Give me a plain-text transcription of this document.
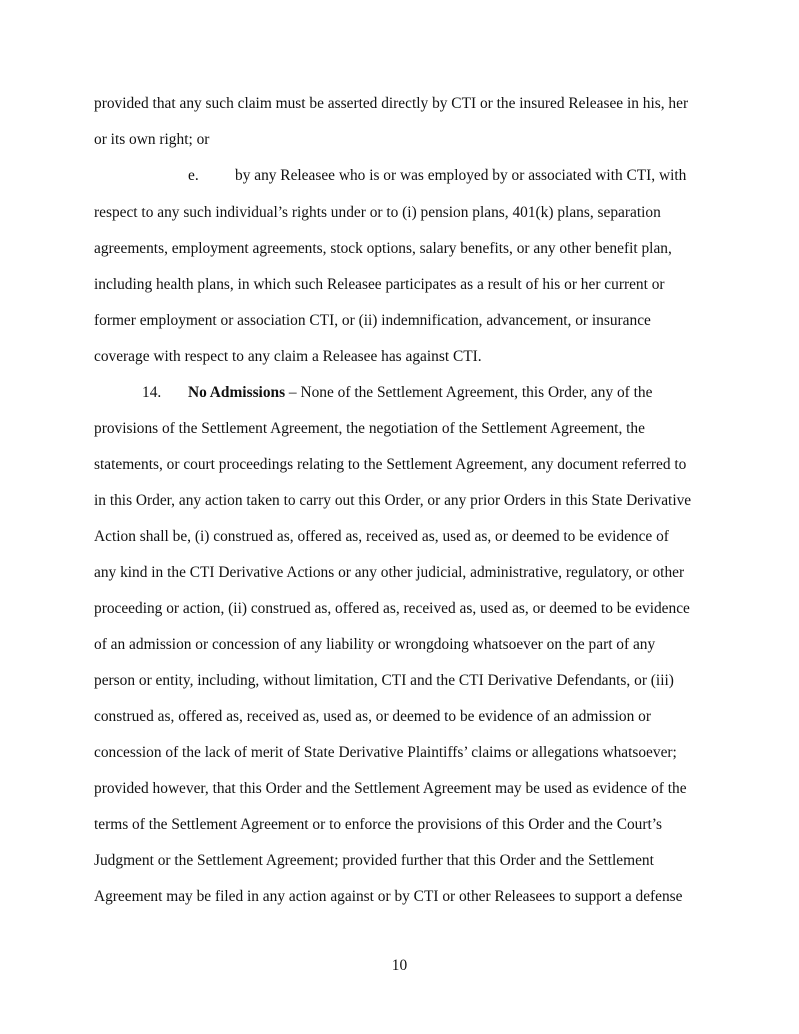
provided that any such claim must be asserted directly by CTI or the insured Releasee in his, her
or its own right; or
e. by any Releasee who is or was employed by or associated with CTI, with
respect to any such individual’s rights under or to (i) pension plans, 401(k) plans, separation
agreements, employment agreements, stock options, salary benefits, or any other benefit plan,
including health plans, in which such Releasee participates as a result of his or her current or
former employment or association CTI, or (ii) indemnification, advancement, or insurance
coverage with respect to any claim a Releasee has against CTI.
14. No Admissions – None of the Settlement Agreement, this Order, any of the
provisions of the Settlement Agreement, the negotiation of the Settlement Agreement, the
statements, or court proceedings relating to the Settlement Agreement, any document referred to
in this Order, any action taken to carry out this Order, or any prior Orders in this State Derivative
Action shall be, (i) construed as, offered as, received as, used as, or deemed to be evidence of
any kind in the CTI Derivative Actions or any other judicial, administrative, regulatory, or other
proceeding or action, (ii) construed as, offered as, received as, used as, or deemed to be evidence
of an admission or concession of any liability or wrongdoing whatsoever on the part of any
person or entity, including, without limitation, CTI and the CTI Derivative Defendants, or (iii)
construed as, offered as, received as, used as, or deemed to be evidence of an admission or
concession of the lack of merit of State Derivative Plaintiffs’ claims or allegations whatsoever;
provided however, that this Order and the Settlement Agreement may be used as evidence of the
terms of the Settlement Agreement or to enforce the provisions of this Order and the Court’s
Judgment or the Settlement Agreement; provided further that this Order and the Settlement
Agreement may be filed in any action against or by CTI or other Releasees to support a defense
10
